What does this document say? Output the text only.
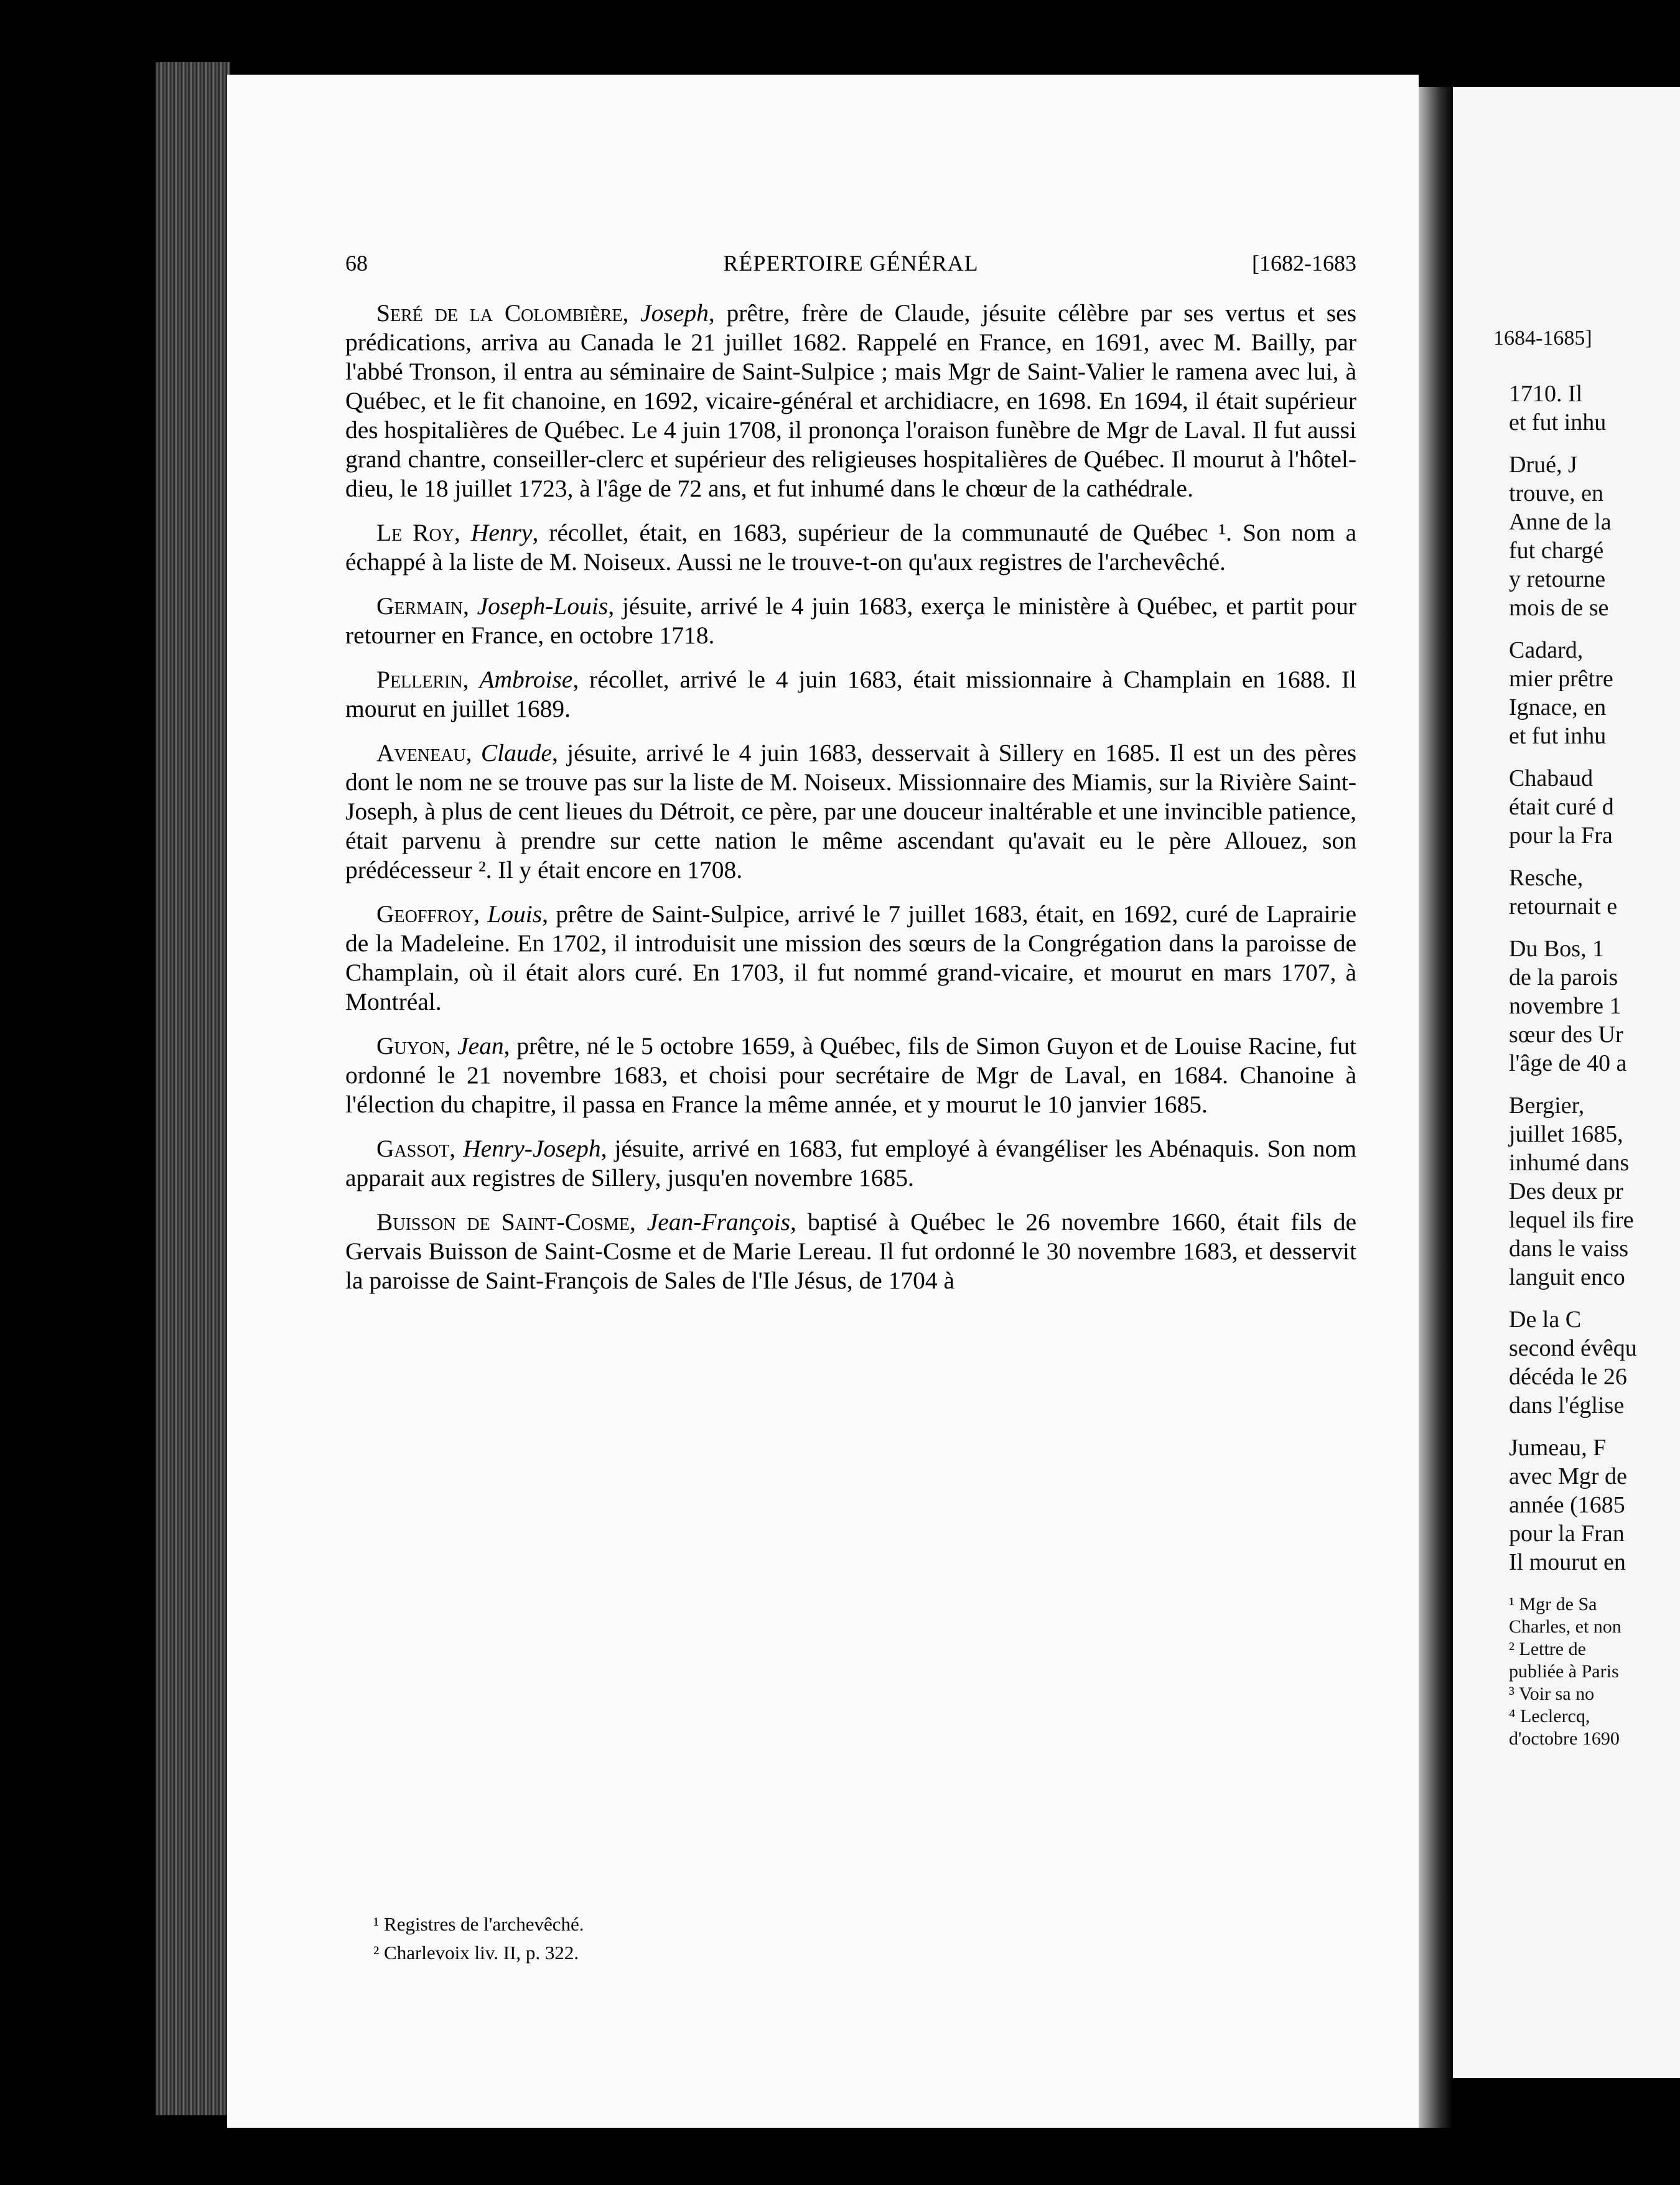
68	RÉPERTOIRE GÉNÉRAL	[1682-1683

Seré de la Colombière, Joseph, prêtre, frère de Claude, jésuite célèbre par ses vertus et ses prédications, arriva au Canada le 21 juillet 1682. Rappelé en France, en 1691, avec M. Bailly, par l'abbé Tronson, il entra au séminaire de Saint-Sulpice ; mais Mgr de Saint-Valier le ramena avec lui, à Québec, et le fit chanoine, en 1692, vicaire-général et archidiacre, en 1698. En 1694, il était supérieur des hospitalières de Québec. Le 4 juin 1708, il prononça l'oraison funèbre de Mgr de Laval. Il fut aussi grand chantre, conseiller-clerc et supérieur des religieuses hospitalières de Québec. Il mourut à l'hôtel-dieu, le 18 juillet 1723, à l'âge de 72 ans, et fut inhumé dans le chœur de la cathédrale.

Le Roy, Henry, récollet, était, en 1683, supérieur de la communauté de Québec ¹. Son nom a échappé à la liste de M. Noiseux. Aussi ne le trouve-t-on qu'aux registres de l'archevêché.

Germain, Joseph-Louis, jésuite, arrivé le 4 juin 1683, exerça le ministère à Québec, et partit pour retourner en France, en octobre 1718.

Pellerin, Ambroise, récollet, arrivé le 4 juin 1683, était missionnaire à Champlain en 1688. Il mourut en juillet 1689.

Aveneau, Claude, jésuite, arrivé le 4 juin 1683, desservait à Sillery en 1685. Il est un des pères dont le nom ne se trouve pas sur la liste de M. Noiseux. Missionnaire des Miamis, sur la Rivière Saint-Joseph, à plus de cent lieues du Détroit, ce père, par une douceur inaltérable et une invincible patience, était parvenu à prendre sur cette nation le même ascendant qu'avait eu le père Allouez, son prédécesseur ². Il y était encore en 1708.

Geoffroy, Louis, prêtre de Saint-Sulpice, arrivé le 7 juillet 1683, était, en 1692, curé de Laprairie de la Madeleine. En 1702, il introduisit une mission des sœurs de la Congrégation dans la paroisse de Champlain, où il était alors curé. En 1703, il fut nommé grand-vicaire, et mourut en mars 1707, à Montréal.

Guyon, Jean, prêtre, né le 5 octobre 1659, à Québec, fils de Simon Guyon et de Louise Racine, fut ordonné le 21 novembre 1683, et choisi pour secrétaire de Mgr de Laval, en 1684. Chanoine à l'élection du chapitre, il passa en France la même année, et y mourut le 10 janvier 1685.

Gassot, Henry-Joseph, jésuite, arrivé en 1683, fut employé à évangéliser les Abénaquis. Son nom apparait aux registres de Sillery, jusqu'en novembre 1685.

Buisson de Saint-Cosme, Jean-François, baptisé à Québec le 26 novembre 1660, était fils de Gervais Buisson de Saint-Cosme et de Marie Lereau. Il fut ordonné le 30 novembre 1683, et desservit la paroisse de Saint-François de Sales de l'Ile Jésus, de 1704 à

¹ Registres de l'archevêché.
² Charlevoix liv. II, p. 322.
1684-1685]
1710. Il
et fut inhu
Drué, J
trouve, en
Anne de la
fut chargé
y retourne
mois de se
Cadard,
mier prêtre
Ignace, en
et fut inhu
Chabaud
était curé d
pour la Fra
Resche,
retournait e
Du Bos, 1
de la parois
novembre 1
sœur des Ur
l'âge de 40 a
Bergier,
juillet 1685,
inhumé dans
Des deux pr
lequel ils fire
dans le vaiss
languit enco
De la C
second évêqu
décéda le 26
dans l'église
Jumeau, F
avec Mgr de
année (1685
pour la Fran
Il mourut en
¹ Mgr de Sa
Charles, et non
² Lettre de
publiée à Paris
³ Voir sa no
⁴ Leclercq,
d'octobre 1690
